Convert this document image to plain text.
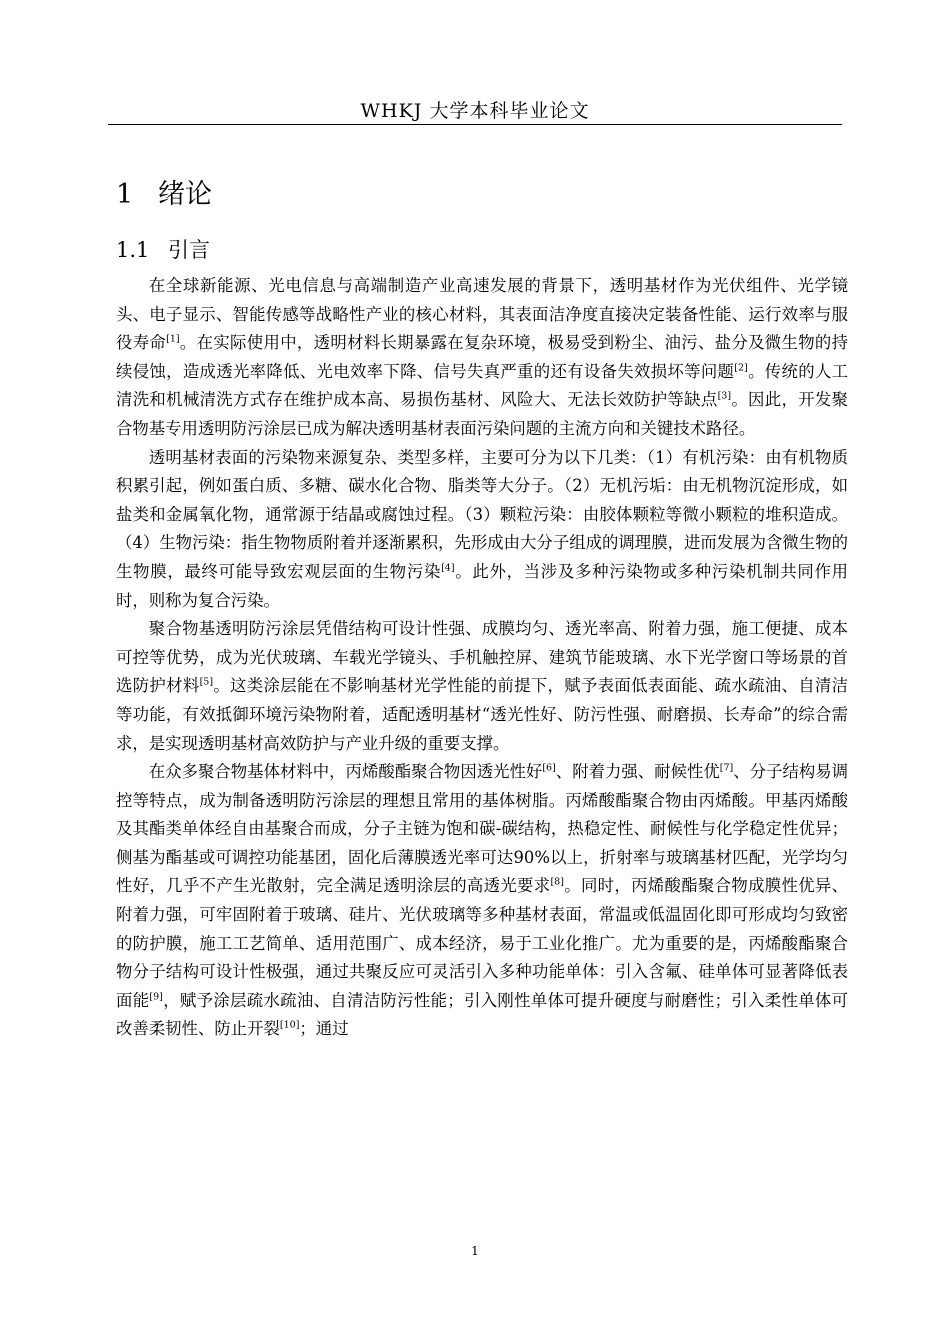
WHKJ 大学本科毕业论文
1 绪论
1.1 引言

在全球新能源、光电信息与高端制造产业高速发展的背景下，透明基材作为光伏组件、光学镜头、电子显示、智能传感等战略性产业的核心材料，其表面洁净度直接决定装备性能、运行效率与服役寿命[1]。在实际使用中，透明材料长期暴露在复杂环境，极易受到粉尘、油污、盐分及微生物的持续侵蚀，造成透光率降低、光电效率下降、信号失真严重的还有设备失效损坏等问题[2]。传统的人工清洗和机械清洗方式存在维护成本高、易损伤基材、风险大、无法长效防护等缺点[3]。因此，开发聚合物基专用透明防污涂层已成为解决透明基材表面污染问题的主流方向和关键技术路径。

透明基材表面的污染物来源复杂、类型多样，主要可分为以下几类：（1）有机污染：由有机物质积累引起，例如蛋白质、多糖、碳水化合物、脂类等大分子。（2）无机污垢：由无机物沉淀形成，如盐类和金属氧化物，通常源于结晶或腐蚀过程。（3）颗粒污染：由胶体颗粒等微小颗粒的堆积造成。（4）生物污染：指生物物质附着并逐渐累积，先形成由大分子组成的调理膜，进而发展为含微生物的生物膜，最终可能导致宏观层面的生物污染[4]。此外，当涉及多种污染物或多种污染机制共同作用时，则称为复合污染。

聚合物基透明防污涂层凭借结构可设计性强、成膜均匀、透光率高、附着力强，施工便捷、成本可控等优势，成为光伏玻璃、车载光学镜头、手机触控屏、建筑节能玻璃、水下光学窗口等场景的首选防护材料[5]。这类涂层能在不影响基材光学性能的前提下，赋予表面低表面能、疏水疏油、自清洁等功能，有效抵御环境污染物附着，适配透明基材“透光性好、防污性强、耐磨损、长寿命”的综合需求，是实现透明基材高效防护与产业升级的重要支撑。

在众多聚合物基体材料中，丙烯酸酯聚合物因透光性好[6]、附着力强、耐候性优[7]、分子结构易调控等特点，成为制备透明防污涂层的理想且常用的基体树脂。丙烯酸酯聚合物由丙烯酸。甲基丙烯酸及其酯类单体经自由基聚合而成，分子主链为饱和碳-碳结构，热稳定性、耐候性与化学稳定性优异；侧基为酯基或可调控功能基团，固化后薄膜透光率可达90%以上，折射率与玻璃基材匹配，光学均匀性好，几乎不产生光散射，完全满足透明涂层的高透光要求[8]。同时，丙烯酸酯聚合物成膜性优异、附着力强，可牢固附着于玻璃、硅片、光伏玻璃等多种基材表面，常温或低温固化即可形成均匀致密的防护膜，施工工艺简单、适用范围广、成本经济，易于工业化推广。尤为重要的是，丙烯酸酯聚合物分子结构可设计性极强，通过共聚反应可灵活引入多种功能单体：引入含氟、硅单体可显著降低表面能[9]，赋予涂层疏水疏油、自清洁防污性能；引入刚性单体可提升硬度与耐磨性；引入柔性单体可改善柔韧性、防止开裂[10]；通过

1
